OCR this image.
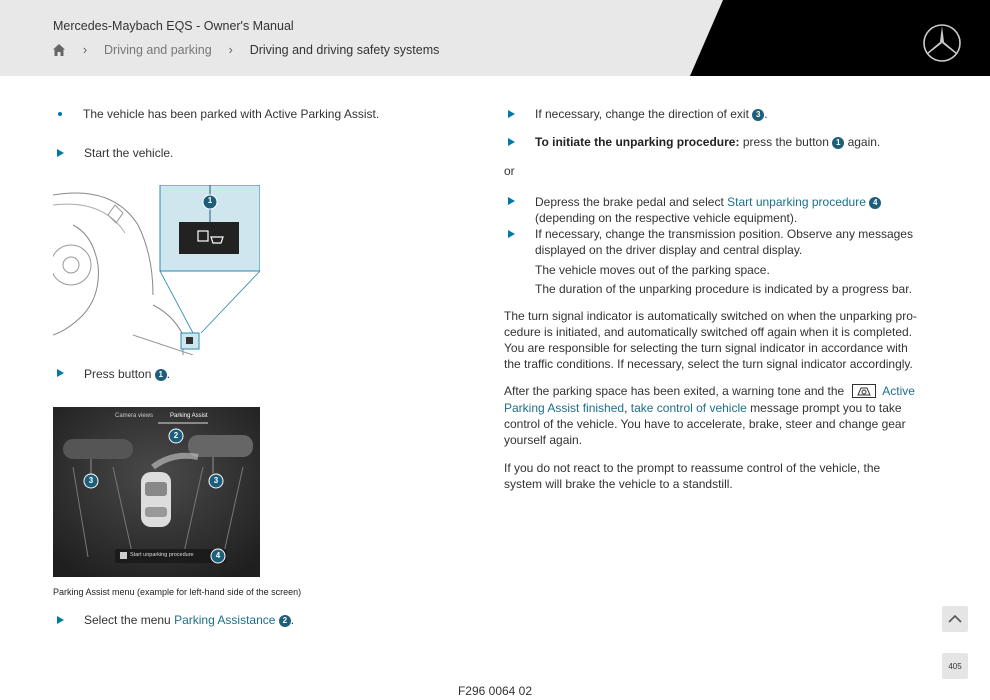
Mercedes-Maybach EQS - Owner's Manual
›	Driving and parking	›	Driving and driving safety systems
The vehicle has been parked with Active Parking Assist.
Start the vehicle.
1
Press button 1 .
Camera views	Parking Assist
Start unparking procedure
2
3	3
4
Parking Assist menu (example for left-hand side of the screen)
Select the menu Parking Assistance 2 .
If necessary, change the direction of exit 3 .
To initiate the unparking procedure: press the button 1 again.
or
Depress the brake pedal and select Start unparking procedure 4
(depending on the respective vehicle equipment).
If necessary, change the transmission position. Observe any messages
displayed on the driver display and central display.
The vehicle moves out of the parking space.
The duration of the unparking procedure is indicated by a progress bar.
The turn signal indicator is automatically switched on when the unparking pro-
cedure is initiated, and automatically switched off again when it is completed.
You are responsible for selecting the turn signal indicator in accordance with
the traffic conditions. If necessary, select the turn signal indicator accordingly.
After the parking space has been exited, a warning tone and the	Active
Parking Assist finished, take control of vehicle message prompt you to take
control of the vehicle. You have to accelerate, brake, steer and change gear
yourself again.
If you do not react to the prompt to reassume control of the vehicle, the
system will brake the vehicle to a standstill.
405
F296 0064 02
